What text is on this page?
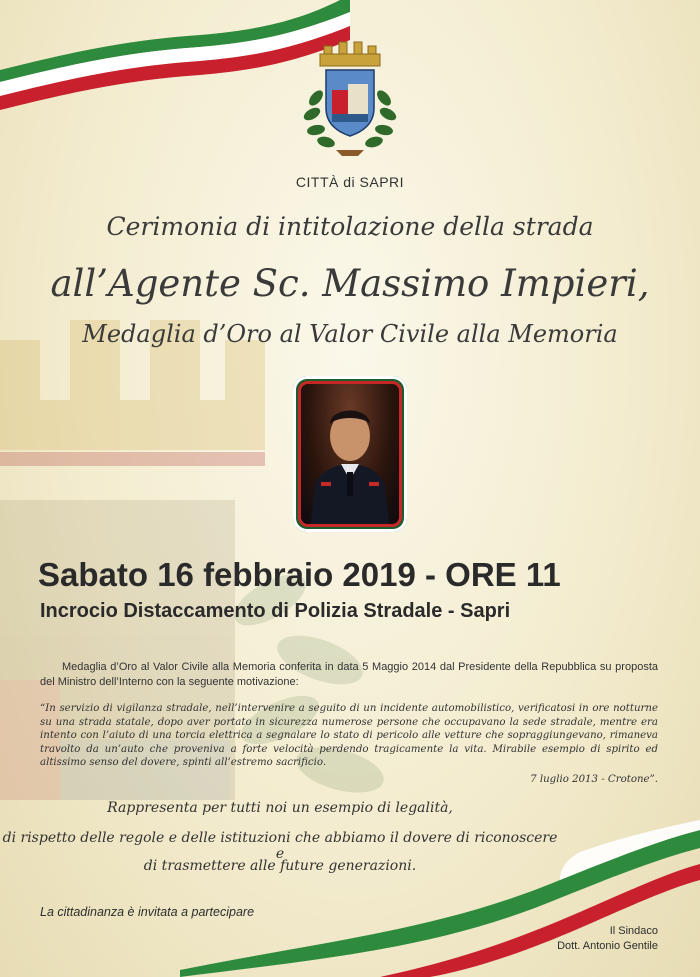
CITTÀ di SAPRI
Cerimonia di intitolazione della strada
all’Agente Sc. Massimo Impieri,
Medaglia d’Oro al Valor Civile alla Memoria
Sabato 16 febbraio 2019 - ORE 11
Incrocio Distaccamento di Polizia Stradale - Sapri
Medaglia d’Oro al Valor Civile alla Memoria conferita in data 5 Maggio 2014 dal Presidente della Repubblica su proposta del Ministro dell’Interno con la seguente motivazione:
“In servizio di vigilanza stradale, nell’intervenire a seguito di un incidente automobilistico, verificatosi in ore notturne su una strada statale, dopo aver portato in sicurezza numerose persone che occupavano la sede stradale, mentre era intento con l’aiuto di una torcia elettrica a segnalare lo stato di pericolo alle vetture che sopraggiungevano, rimaneva travolto da un’auto che proveniva a forte velocità perdendo tragicamente la vita. Mirabile esempio di spirito ed altissimo senso del dovere, spinti all’estremo sacrificio.
7 luglio 2013 - Crotone”.
Rappresenta per tutti noi un esempio di legalità,
di rispetto delle regole e delle istituzioni che abbiamo il dovere di riconoscere e
di trasmettere alle future generazioni.
La cittadinanza è invitata a partecipare
Il Sindaco
Dott. Antonio Gentile
